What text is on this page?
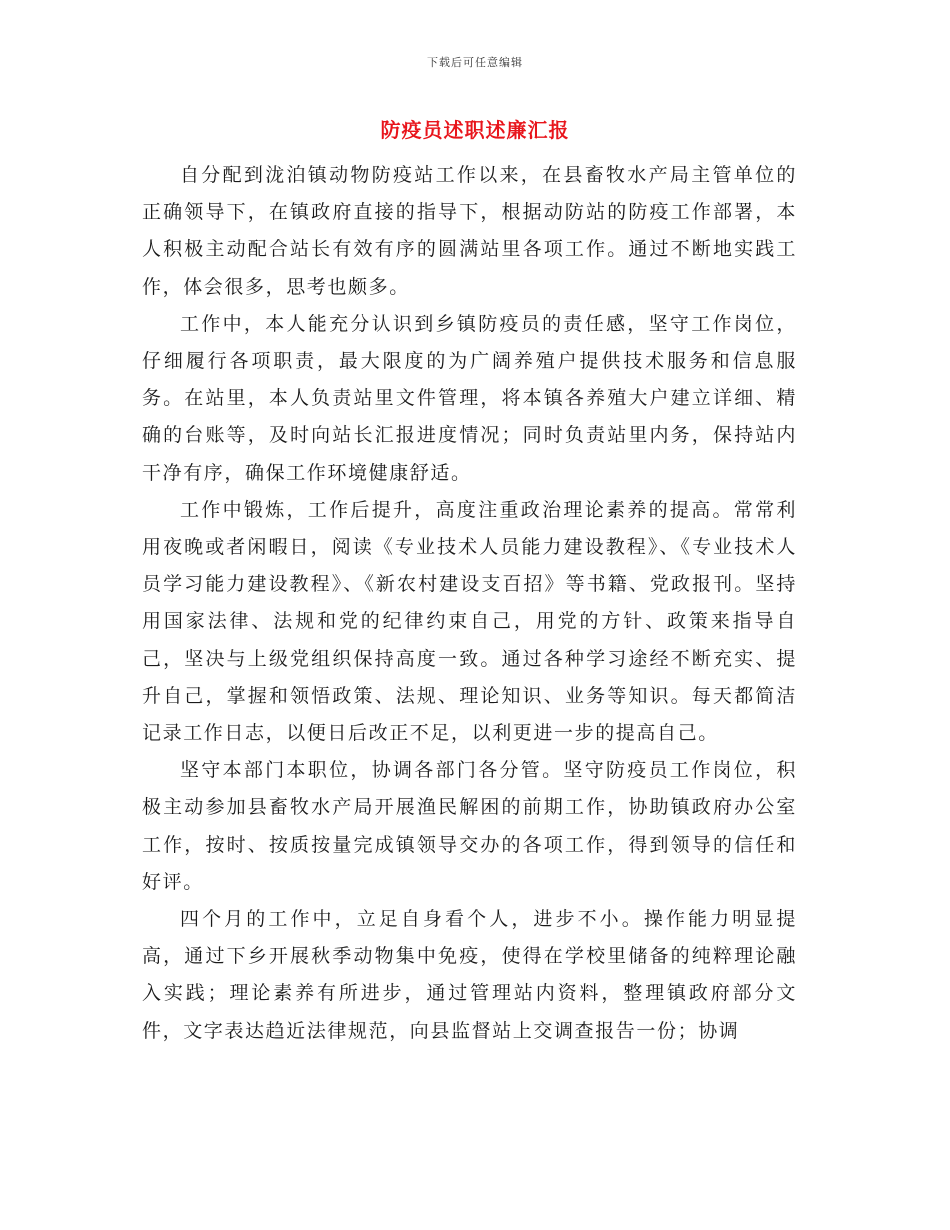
下载后可任意编辑
防疫员述职述廉汇报

自分配到泷泊镇动物防疫站工作以来，在县畜牧水产局主管单位的正确领导下，在镇政府直接的指导下，根据动防站的防疫工作部署，本人积极主动配合站长有效有序的圆满站里各项工作。通过不断地实践工作，体会很多，思考也颇多。

工作中，本人能充分认识到乡镇防疫员的责任感，坚守工作岗位，仔细履行各项职责，最大限度的为广阔养殖户提供技术服务和信息服务。在站里，本人负责站里文件管理，将本镇各养殖大户建立详细、精确的台账等，及时向站长汇报进度情况；同时负责站里内务，保持站内干净有序，确保工作环境健康舒适。

工作中锻炼，工作后提升，高度注重政治理论素养的提高。常常利用夜晚或者闲暇日，阅读《专业技术人员能力建设教程》、《专业技术人员学习能力建设教程》、《新农村建设支百招》等书籍、党政报刊。坚持用国家法律、法规和党的纪律约束自己，用党的方针、政策来指导自己，坚决与上级党组织保持高度一致。通过各种学习途经不断充实、提升自己，掌握和领悟政策、法规、理论知识、业务等知识。每天都简洁记录工作日志，以便日后改正不足，以利更进一步的提高自己。

坚守本部门本职位，协调各部门各分管。坚守防疫员工作岗位，积极主动参加县畜牧水产局开展渔民解困的前期工作，协助镇政府办公室工作，按时、按质按量完成镇领导交办的各项工作，得到领导的信任和好评。

四个月的工作中，立足自身看个人，进步不小。操作能力明显提高，通过下乡开展秋季动物集中免疫，使得在学校里储备的纯粹理论融入实践；理论素养有所进步，通过管理站内资料，整理镇政府部分文件，文字表达趋近法律规范，向县监督站上交调查报告一份；协调
